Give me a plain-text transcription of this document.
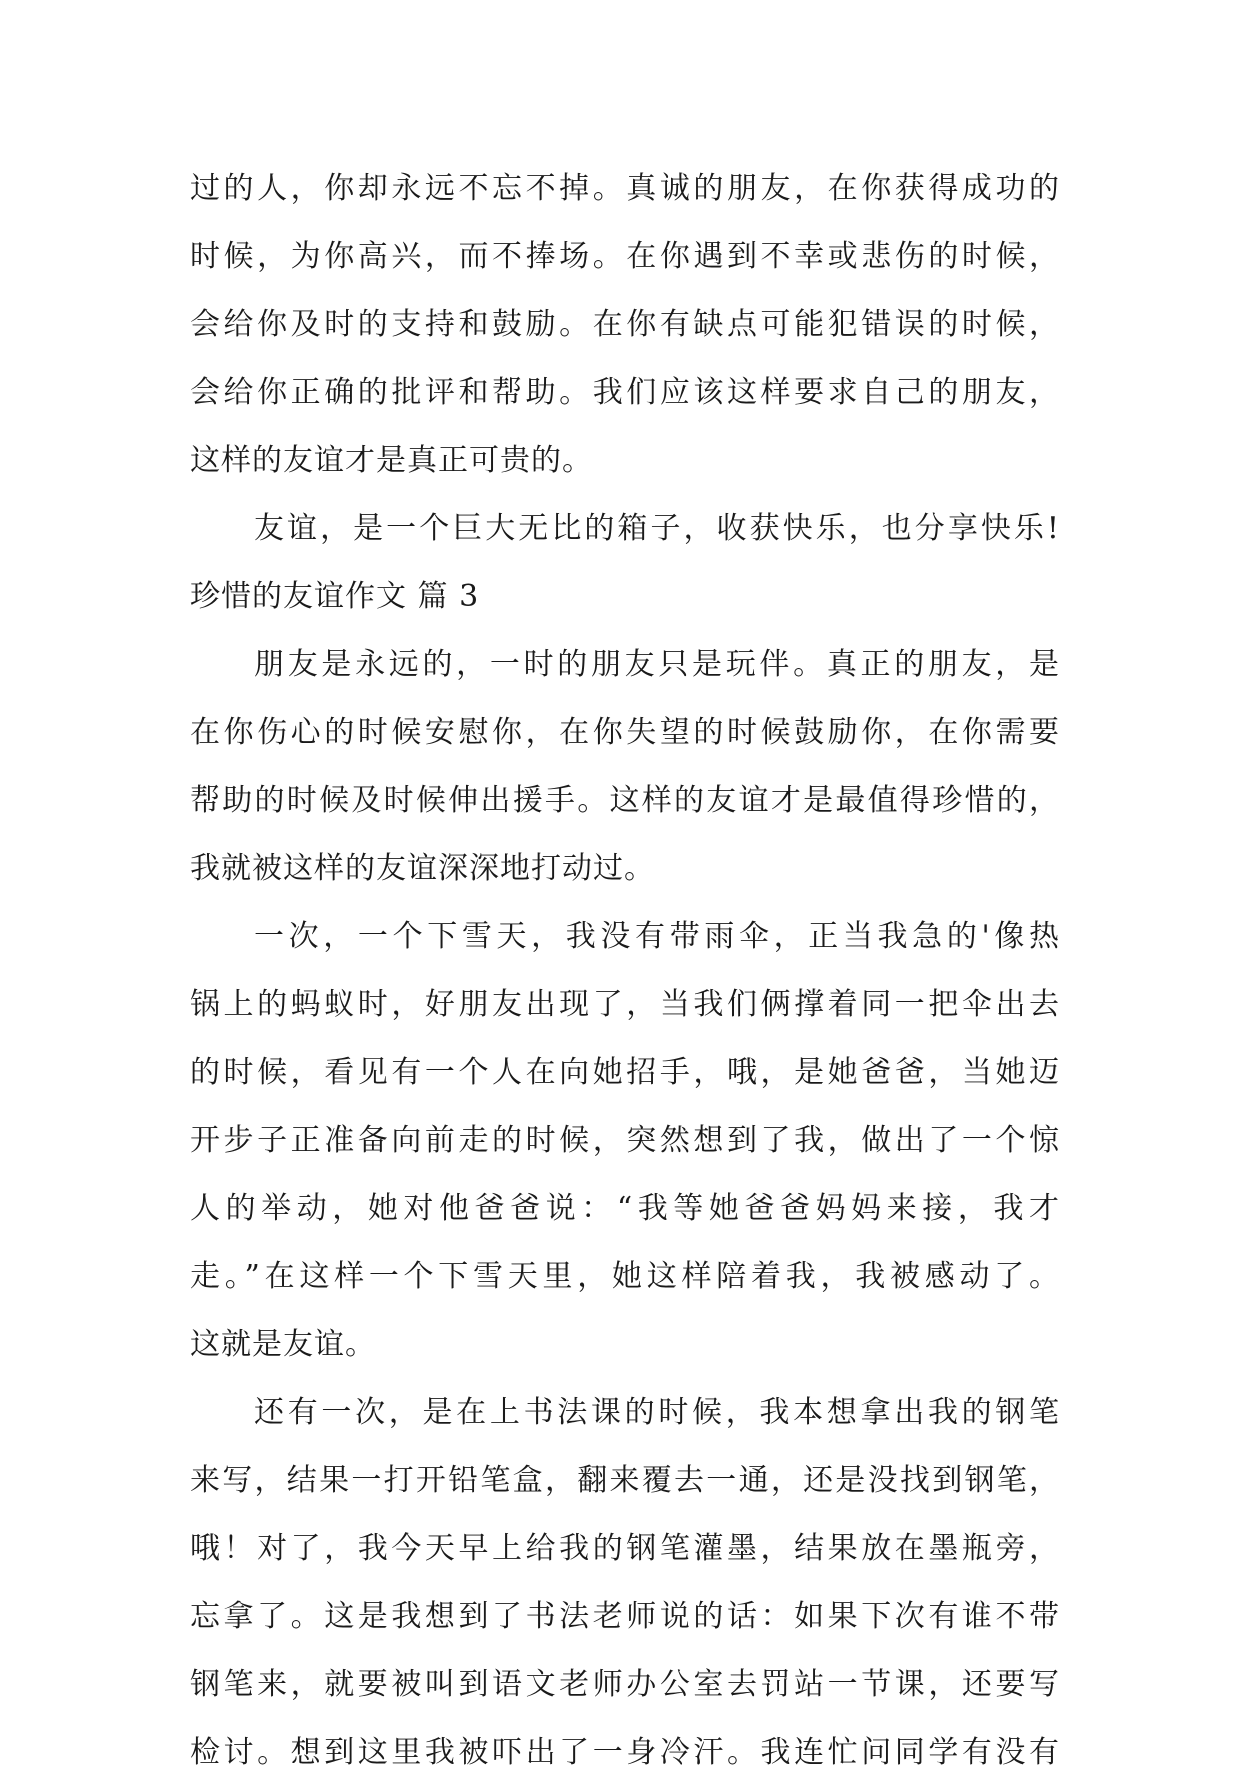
过的人，你却永远不忘不掉。真诚的朋友，在你获得成功的
时候，为你高兴，而不捧场。在你遇到不幸或悲伤的时候，
会给你及时的支持和鼓励。在你有缺点可能犯错误的时候，
会给你正确的批评和帮助。我们应该这样要求自己的朋友，
这样的友谊才是真正可贵的。
友谊，是一个巨大无比的箱子，收获快乐，也分享快乐!
珍惜的友谊作文 篇 3
朋友是永远的，一时的朋友只是玩伴。真正的朋友，是
在你伤心的时候安慰你，在你失望的时候鼓励你，在你需要
帮助的时候及时候伸出援手。这样的友谊才是最值得珍惜的，
我就被这样的友谊深深地打动过。
一次，一个下雪天，我没有带雨伞，正当我急的'像热
锅上的蚂蚁时，好朋友出现了，当我们俩撑着同一把伞出去
的时候，看见有一个人在向她招手，哦，是她爸爸，当她迈
开步子正准备向前走的时候，突然想到了我，做出了一个惊
人的举动，她对他爸爸说：“我等她爸爸妈妈来接，我才
走。”在这样一个下雪天里，她这样陪着我，我被感动了。
这就是友谊。
还有一次，是在上书法课的时候，我本想拿出我的钢笔
来写，结果一打开铅笔盒，翻来覆去一通，还是没找到钢笔，
哦！对了，我今天早上给我的钢笔灌墨，结果放在墨瓶旁，
忘拿了。这是我想到了书法老师说的话：如果下次有谁不带
钢笔来，就要被叫到语文老师办公室去罚站一节课，还要写
检讨。想到这里我被吓出了一身冷汗。我连忙问同学有没有
